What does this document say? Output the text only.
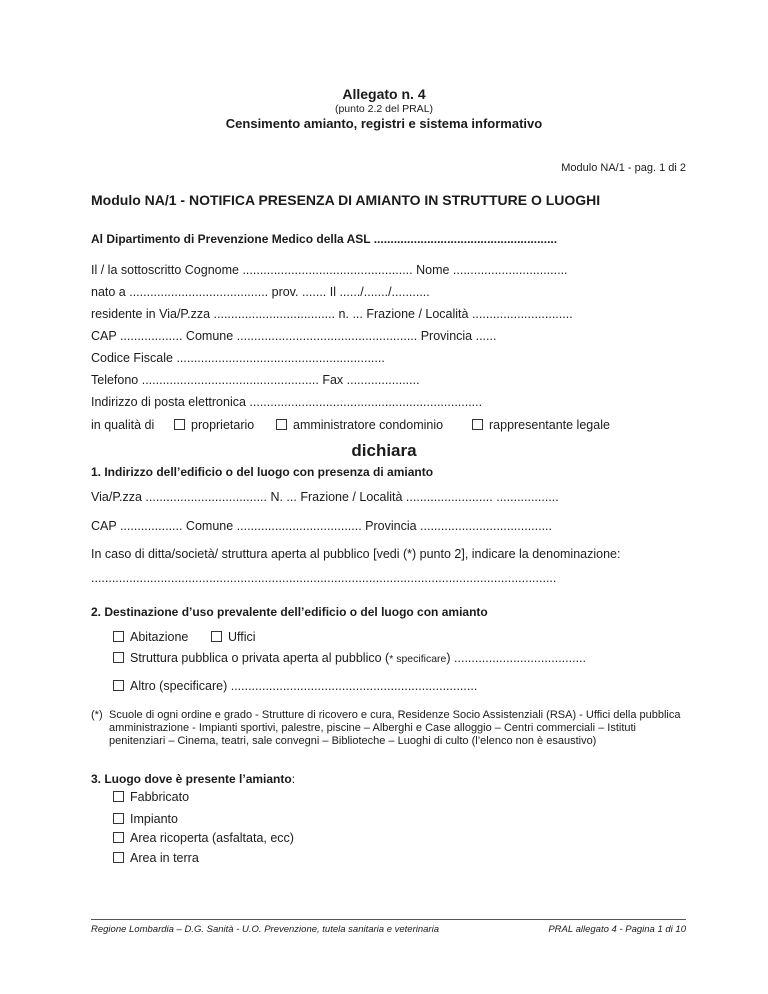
Allegato n. 4
(punto 2.2 del PRAL)
Censimento amianto, registri e sistema informativo
Modulo NA/1 - pag. 1 di 2
Modulo NA/1 - NOTIFICA PRESENZA DI AMIANTO IN STRUTTURE O LUOGHI
Al Dipartimento di Prevenzione Medico della ASL .......................................................
Il / la sottoscritto Cognome ................................................. Nome .................................
nato a ........................................ prov. ....... Il ....../......./...........
residente in Via/P.zza ................................... n. ... Frazione / Località .............................
CAP .................. Comune .................................................... Provincia ......
Codice Fiscale ............................................................
Telefono ................................................... Fax .....................
Indirizzo di posta elettronica ...................................................................
in qualità di	proprietario	amministratore condominio	rappresentante legale
dichiara
1. Indirizzo dell’edificio o del luogo con presenza di amianto
Via/P.zza ................................... N. ... Frazione / Località ......................... ..................
CAP .................. Comune .................................... Provincia ......................................
In caso di ditta/società/ struttura aperta al pubblico [vedi (*) punto 2], indicare la denominazione:
......................................................................................................................................
2. Destinazione d’uso prevalente dell’edificio o del luogo con amianto
Abitazione	Uffici
Struttura pubblica o privata aperta al pubblico (* specificare) ......................................
Altro (specificare) .......................................................................
(*) Scuole di ogni ordine e grado - Strutture di ricovero e cura, Residenze Socio Assistenziali (RSA) - Uffici della pubblica amministrazione - Impianti sportivi, palestre, piscine – Alberghi e Case alloggio – Centri commerciali – Istituti penitenziari – Cinema, teatri, sale convegni – Biblioteche – Luoghi di culto (l’elenco non è esaustivo)
3. Luogo dove è presente l’amianto:
Fabbricato
Impianto
Area ricoperta (asfaltata, ecc)
Area in terra
Regione Lombardia – D.G. Sanità - U.O. Prevenzione, tutela sanitaria e veterinaria	PRAL allegato 4 - Pagina 1 di 10
